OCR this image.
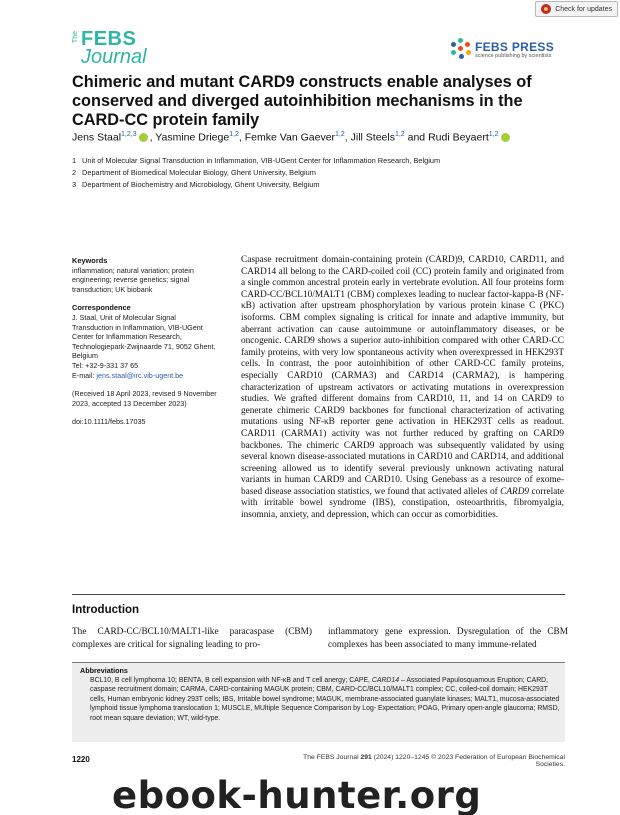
Check for updates
The FEBS
Journal	FEBS PRESS
science publishing by scientists
Chimeric and mutant CARD9 constructs enable analyses of conserved and diverged autoinhibition mechanisms in the CARD-CC protein family
Jens Staal$^{1,2,3}$ , Yasmine Driege$^{1,2}$, Femke Van Gaever$^{1,2}$, Jill Steels$^{1,2}$ and Rudi Beyaert$^{1,2}$
1 Unit of Molecular Signal Transduction in Inflammation, VIB-UGent Center for Inflammation Research, Belgium
2 Department of Biomedical Molecular Biology, Ghent University, Belgium
3 Department of Biochemistry and Microbiology, Ghent University, Belgium

Keywords

inflammation; natural variation; protein engineering; reverse genetics; signal transduction; UK biobank

Correspondence

J. Staal, Unit of Molecular Signal

Transduction in Inflammation, VIB-UGent

Center for Inflammation Research,

Technologiepark-Zwijnaarde 71, 9052 Ghent,

Belgium

Tel: +32-9-331 37 65

E-mail: jens.staal@irc.vib-ugent.be

(Received 18 April 2023, revised 9 November 2023, accepted 13 December 2023)
doi:10.1111/febs.17035
Caspase recruitment domain-containing protein (CARD)9, CARD10, CARD11, and CARD14 all belong to the CARD-coiled coil (CC) protein family and originated from a single common ancestral protein early in vertebrate evolution. All four proteins form CARD-CC/BCL10/MALT1 (CBM) complexes leading to nuclear factor-kappa-B (NF-κB) activation after upstream phosphorylation by various protein kinase C (PKC) isoforms. CBM complex signaling is critical for innate and adaptive immunity, but aberrant activation can cause autoimmune or autoinflammatory diseases, or be oncogenic. CARD9 shows a superior auto-inhibition compared with other CARD-CC family proteins, with very low spontaneous activity when overexpressed in HEK293T cells. In contrast, the poor autoinhibition of other CARD-CC family proteins, especially CARD10 (CARMA3) and CARD14 (CARMA2), is hampering characterization of upstream activators or activating mutations in overexpression studies. We grafted different domains from CARD10, 11, and 14 on CARD9 to generate chimeric CARD9 backbones for functional characterization of activating mutations using NF-κB reporter gene activation in HEK293T cells as readout. CARD11 (CARMA1) activity was not further reduced by grafting on CARD9 backbones. The chimeric CARD9 approach was subsequently validated by using several known disease-associated mutations in CARD10 and CARD14, and additional screening allowed us to identify several previously unknown activating natural variants in human CARD9 and CARD10. Using Genebass as a resource of exome-based disease association statistics, we found that activated alleles of CARD9 correlate with irritable bowel syndrome (IBS), constipation, osteoarthritis, fibromyalgia, insomnia, anxiety, and depression, which can occur as comorbidities.
Introduction
The CARD-CC/BCL10/MALT1-like paracaspase (CBM) complexes are critical for signaling leading to pro-
inflammatory gene expression. Dysregulation of the CBM complexes has been associated to many immune-related

Abbreviations

BCL10, B cell lymphoma 10; BENTA, B cell expansion with NF-κB and T cell anergy; CAPE, CARD14 – Associated Papulosquamous Eruption; CARD, caspase recruitment domain; CARMA, CARD-containing MAGUK protein; CBM, CARD-CC/BCL10/MALT1 complex; CC, coiled-coil domain; HEK293T cells, Human embryonic kidney 293T cells; IBS, Irritable bowel syndrome; MAGUK, membrane-associated guanylate kinases; MALT1, mucosa-associated lymphoid tissue lymphoma translocation 1; MUSCLE, MUltiple Sequence Comparison by Log- Expectation; POAG, Primary open-angle glaucoma; RMSD, root mean square deviation; WT, wild-type.

1220	The FEBS Journal 291 (2024) 1220–1245 © 2023 Federation of European Biochemical Societies.
ebook-hunter.org
